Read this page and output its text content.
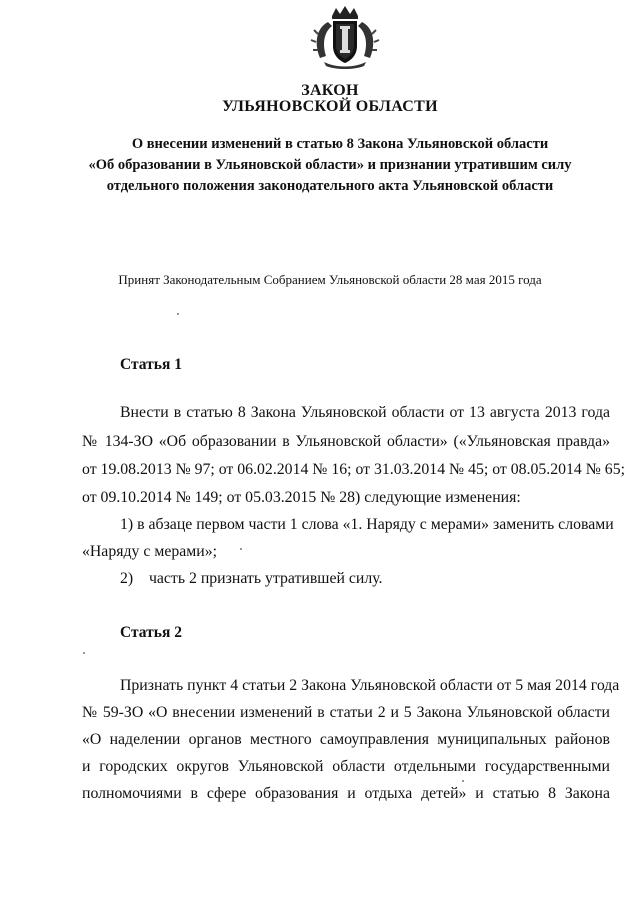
ЗАКОН
УЛЬЯНОВСКОЙ ОБЛАСТИ
О внесении изменений в статью 8 Закона Ульяновской области
«Об образовании в Ульяновской области» и признании утратившим силу
отдельного положения законодательного акта Ульяновской области
Принят Законодательным Собранием Ульяновской области 28 мая 2015 года
Статья 1
Внести в статью 8 Закона Ульяновской области от 13 августа 2013 года
№ 134-ЗО «Об образовании в Ульяновской области» («Ульяновская правда»
от 19.08.2013 № 97; от 06.02.2014 № 16; от 31.03.2014 № 45; от 08.05.2014 № 65;
от 09.10.2014 № 149; от 05.03.2015 № 28) следующие изменения:
1) в абзаце первом части 1 слова «1. Наряду с мерами» заменить словами
«Наряду с мерами»;
2)    часть 2 признать утратившей силу.
Статья 2
Признать пункт 4 статьи 2 Закона Ульяновской области от 5 мая 2014 года
№ 59-ЗО «О внесении изменений в статьи 2 и 5 Закона Ульяновской области
«О наделении органов местного самоуправления муниципальных районов
и городских округов Ульяновской области отдельными государственными
полномочиями в сфере образования и отдыха детей» и статью 8 Закона
